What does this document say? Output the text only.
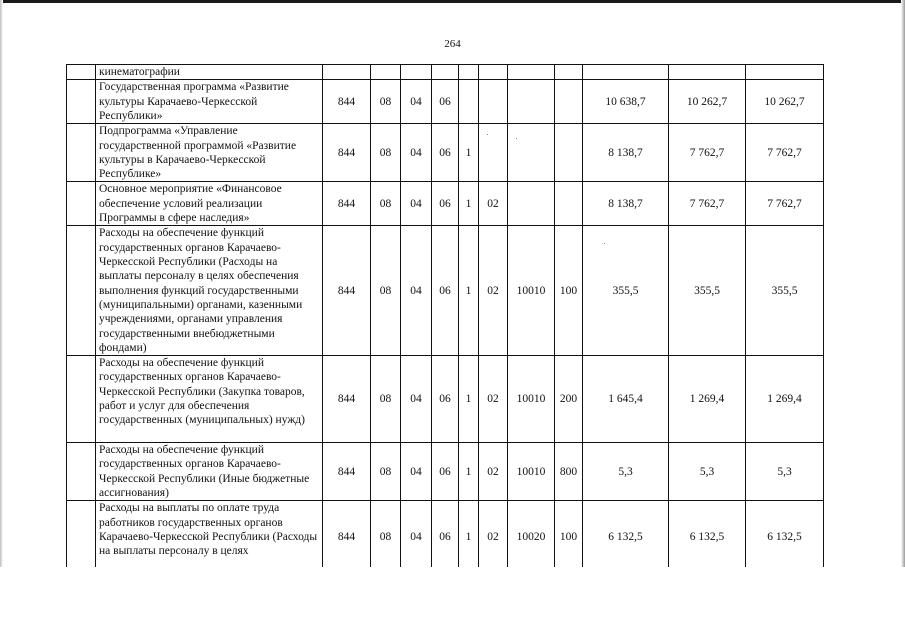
264
	кинематографии											
	Государственная программа «Развитие культуры Карачаево-Черкесской Республики»	844	08	04	06					10 638,7	10 262,7	10 262,7
	Подпрограмма «Управление государственной программой «Развитие культуры в Карачаево-Черкесской Республике»	844	08	04	06	1				8 138,7	7 762,7	7 762,7
	Основное мероприятие «Финансовое обеспечение условий реализации Программы в сфере наследия»	844	08	04	06	1	02			8 138,7	7 762,7	7 762,7
	Расходы на обеспечение функций государственных органов Карачаево-Черкесской Республики (Расходы на выплаты персоналу в целях обеспечения выполнения функций государственными (муниципальными) органами, казенными учреждениями, органами управления государственными внебюджетными фондами)	844	08	04	06	1	02	10010	100	355,5	355,5	355,5
	Расходы на обеспечение функций государственных органов Карачаево-Черкесской Республики (Закупка товаров, работ и услуг для обеспечения государственных (муниципальных) нужд)	844	08	04	06	1	02	10010	200	1 645,4	1 269,4	1 269,4
	Расходы на обеспечение функций государственных органов Карачаево-Черкесской Республики (Иные бюджетные ассигнования)	844	08	04	06	1	02	10010	800	5,3	5,3	5,3
	Расходы на выплаты по оплате труда работников государственных органов Карачаево-Черкесской Республики (Расходы на выплаты персоналу в целях	844	08	04	06	1	02	10020	100	6 132,5	6 132,5	6 132,5
